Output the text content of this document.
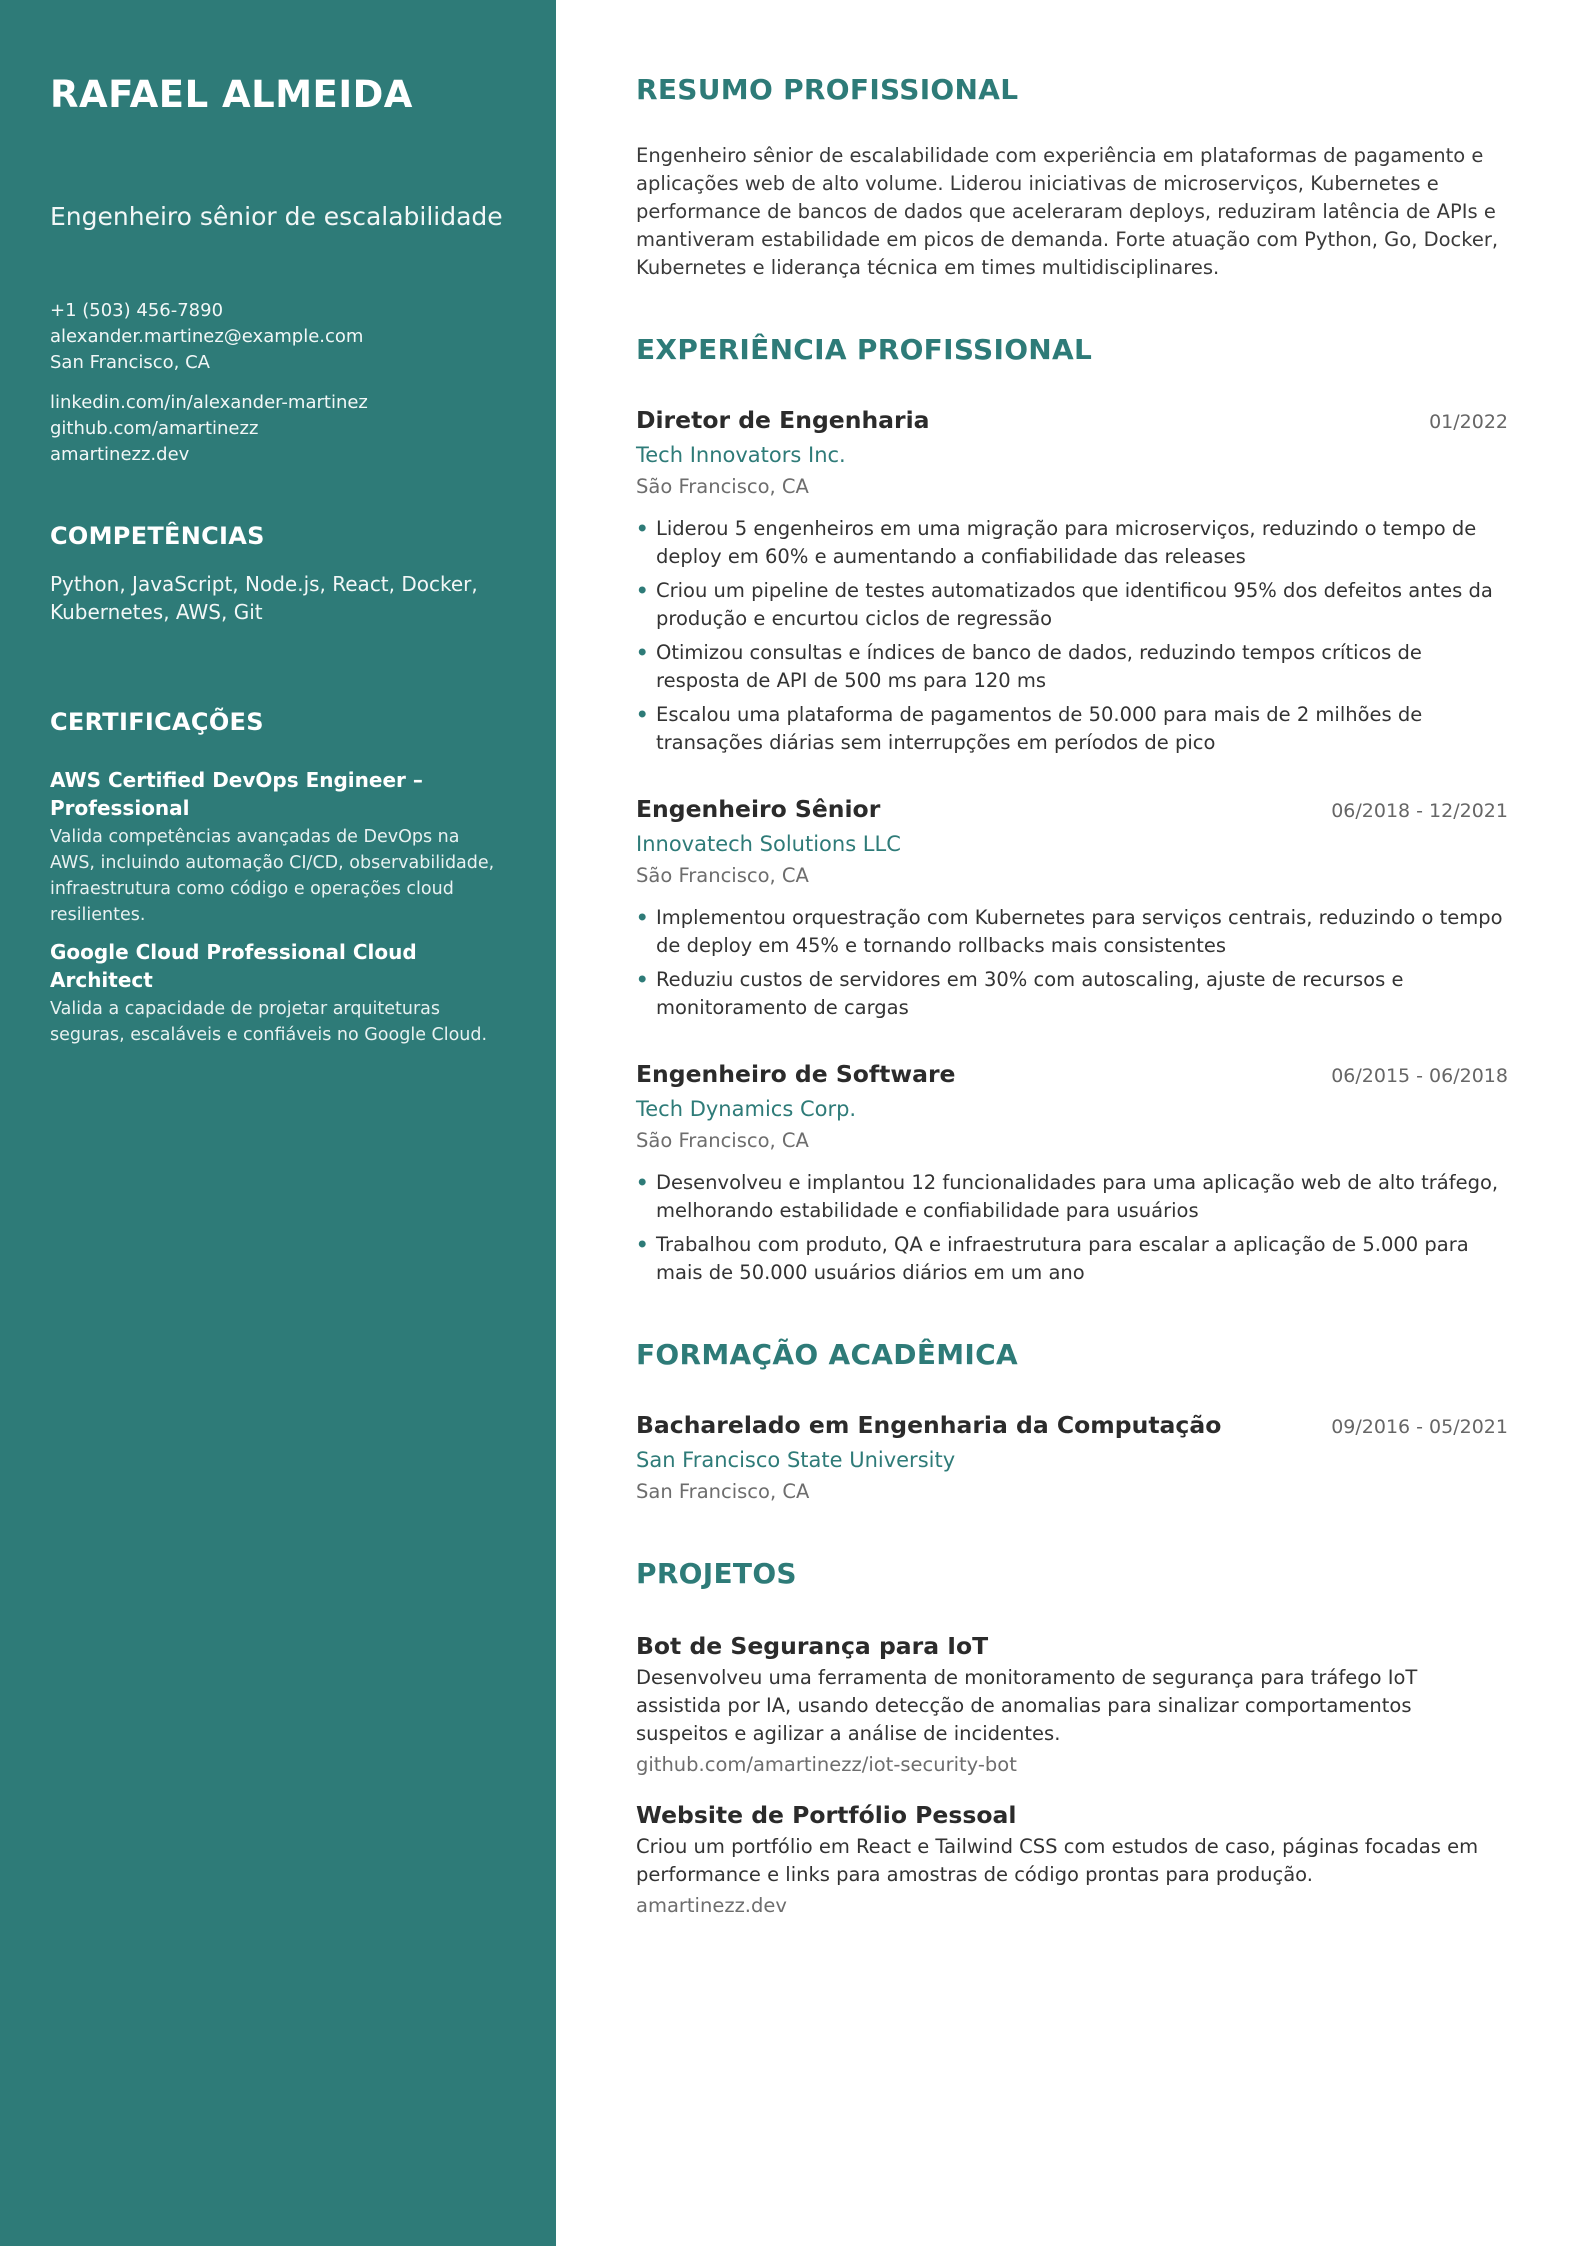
RAFAEL ALMEIDA
Engenheiro sênior de escalabilidade
+1 (503) 456-7890
alexander.martinez@example.com
San Francisco, CA
linkedin.com/in/alexander-martinez
github.com/amartinezz
amartinezz.dev
COMPETÊNCIAS
Python, JavaScript, Node.js, React, Docker, Kubernetes, AWS, Git
CERTIFICAÇÕES
AWS Certified DevOps Engineer – Professional
Valida competências avançadas de DevOps na AWS, incluindo automação CI/CD, observabilidade, infraestrutura como código e operações cloud resilientes.
Google Cloud Professional Cloud Architect
Valida a capacidade de projetar arquiteturas seguras, escaláveis e confiáveis no Google Cloud.
RESUMO PROFISSIONAL

Engenheiro sênior de escalabilidade com experiência em plataformas de pagamento e aplicações web de alto volume. Liderou iniciativas de microserviços, Kubernetes e performance de bancos de dados que aceleraram deploys, reduziram latência de APIs e mantiveram estabilidade em picos de demanda. Forte atuação com Python, Go, Docker, Kubernetes e liderança técnica em times multidisciplinares.

EXPERIÊNCIA PROFISSIONAL
Diretor de Engenharia	01/2022
Tech Innovators Inc.
São Francisco, CA
• Liderou 5 engenheiros em uma migração para microserviços, reduzindo o tempo de deploy em 60% e aumentando a confiabilidade das releases
• Criou um pipeline de testes automatizados que identificou 95% dos defeitos antes da produção e encurtou ciclos de regressão
• Otimizou consultas e índices de banco de dados, reduzindo tempos críticos de resposta de API de 500 ms para 120 ms
• Escalou uma plataforma de pagamentos de 50.000 para mais de 2 milhões de transações diárias sem interrupções em períodos de pico
Engenheiro Sênior	06/2018 - 12/2021
Innovatech Solutions LLC
São Francisco, CA
• Implementou orquestração com Kubernetes para serviços centrais, reduzindo o tempo de deploy em 45% e tornando rollbacks mais consistentes
• Reduziu custos de servidores em 30% com autoscaling, ajuste de recursos e monitoramento de cargas
Engenheiro de Software	06/2015 - 06/2018
Tech Dynamics Corp.
São Francisco, CA
• Desenvolveu e implantou 12 funcionalidades para uma aplicação web de alto tráfego, melhorando estabilidade e confiabilidade para usuários
• Trabalhou com produto, QA e infraestrutura para escalar a aplicação de 5.000 para mais de 50.000 usuários diários em um ano
FORMAÇÃO ACADÊMICA
Bacharelado em Engenharia da Computação	09/2016 - 05/2021
San Francisco State University
San Francisco, CA
PROJETOS
Bot de Segurança para IoT
Desenvolveu uma ferramenta de monitoramento de segurança para tráfego IoT assistida por IA, usando detecção de anomalias para sinalizar comportamentos suspeitos e agilizar a análise de incidentes.
github.com/amartinezz/iot-security-bot
Website de Portfólio Pessoal
Criou um portfólio em React e Tailwind CSS com estudos de caso, páginas focadas em performance e links para amostras de código prontas para produção.
amartinezz.dev
